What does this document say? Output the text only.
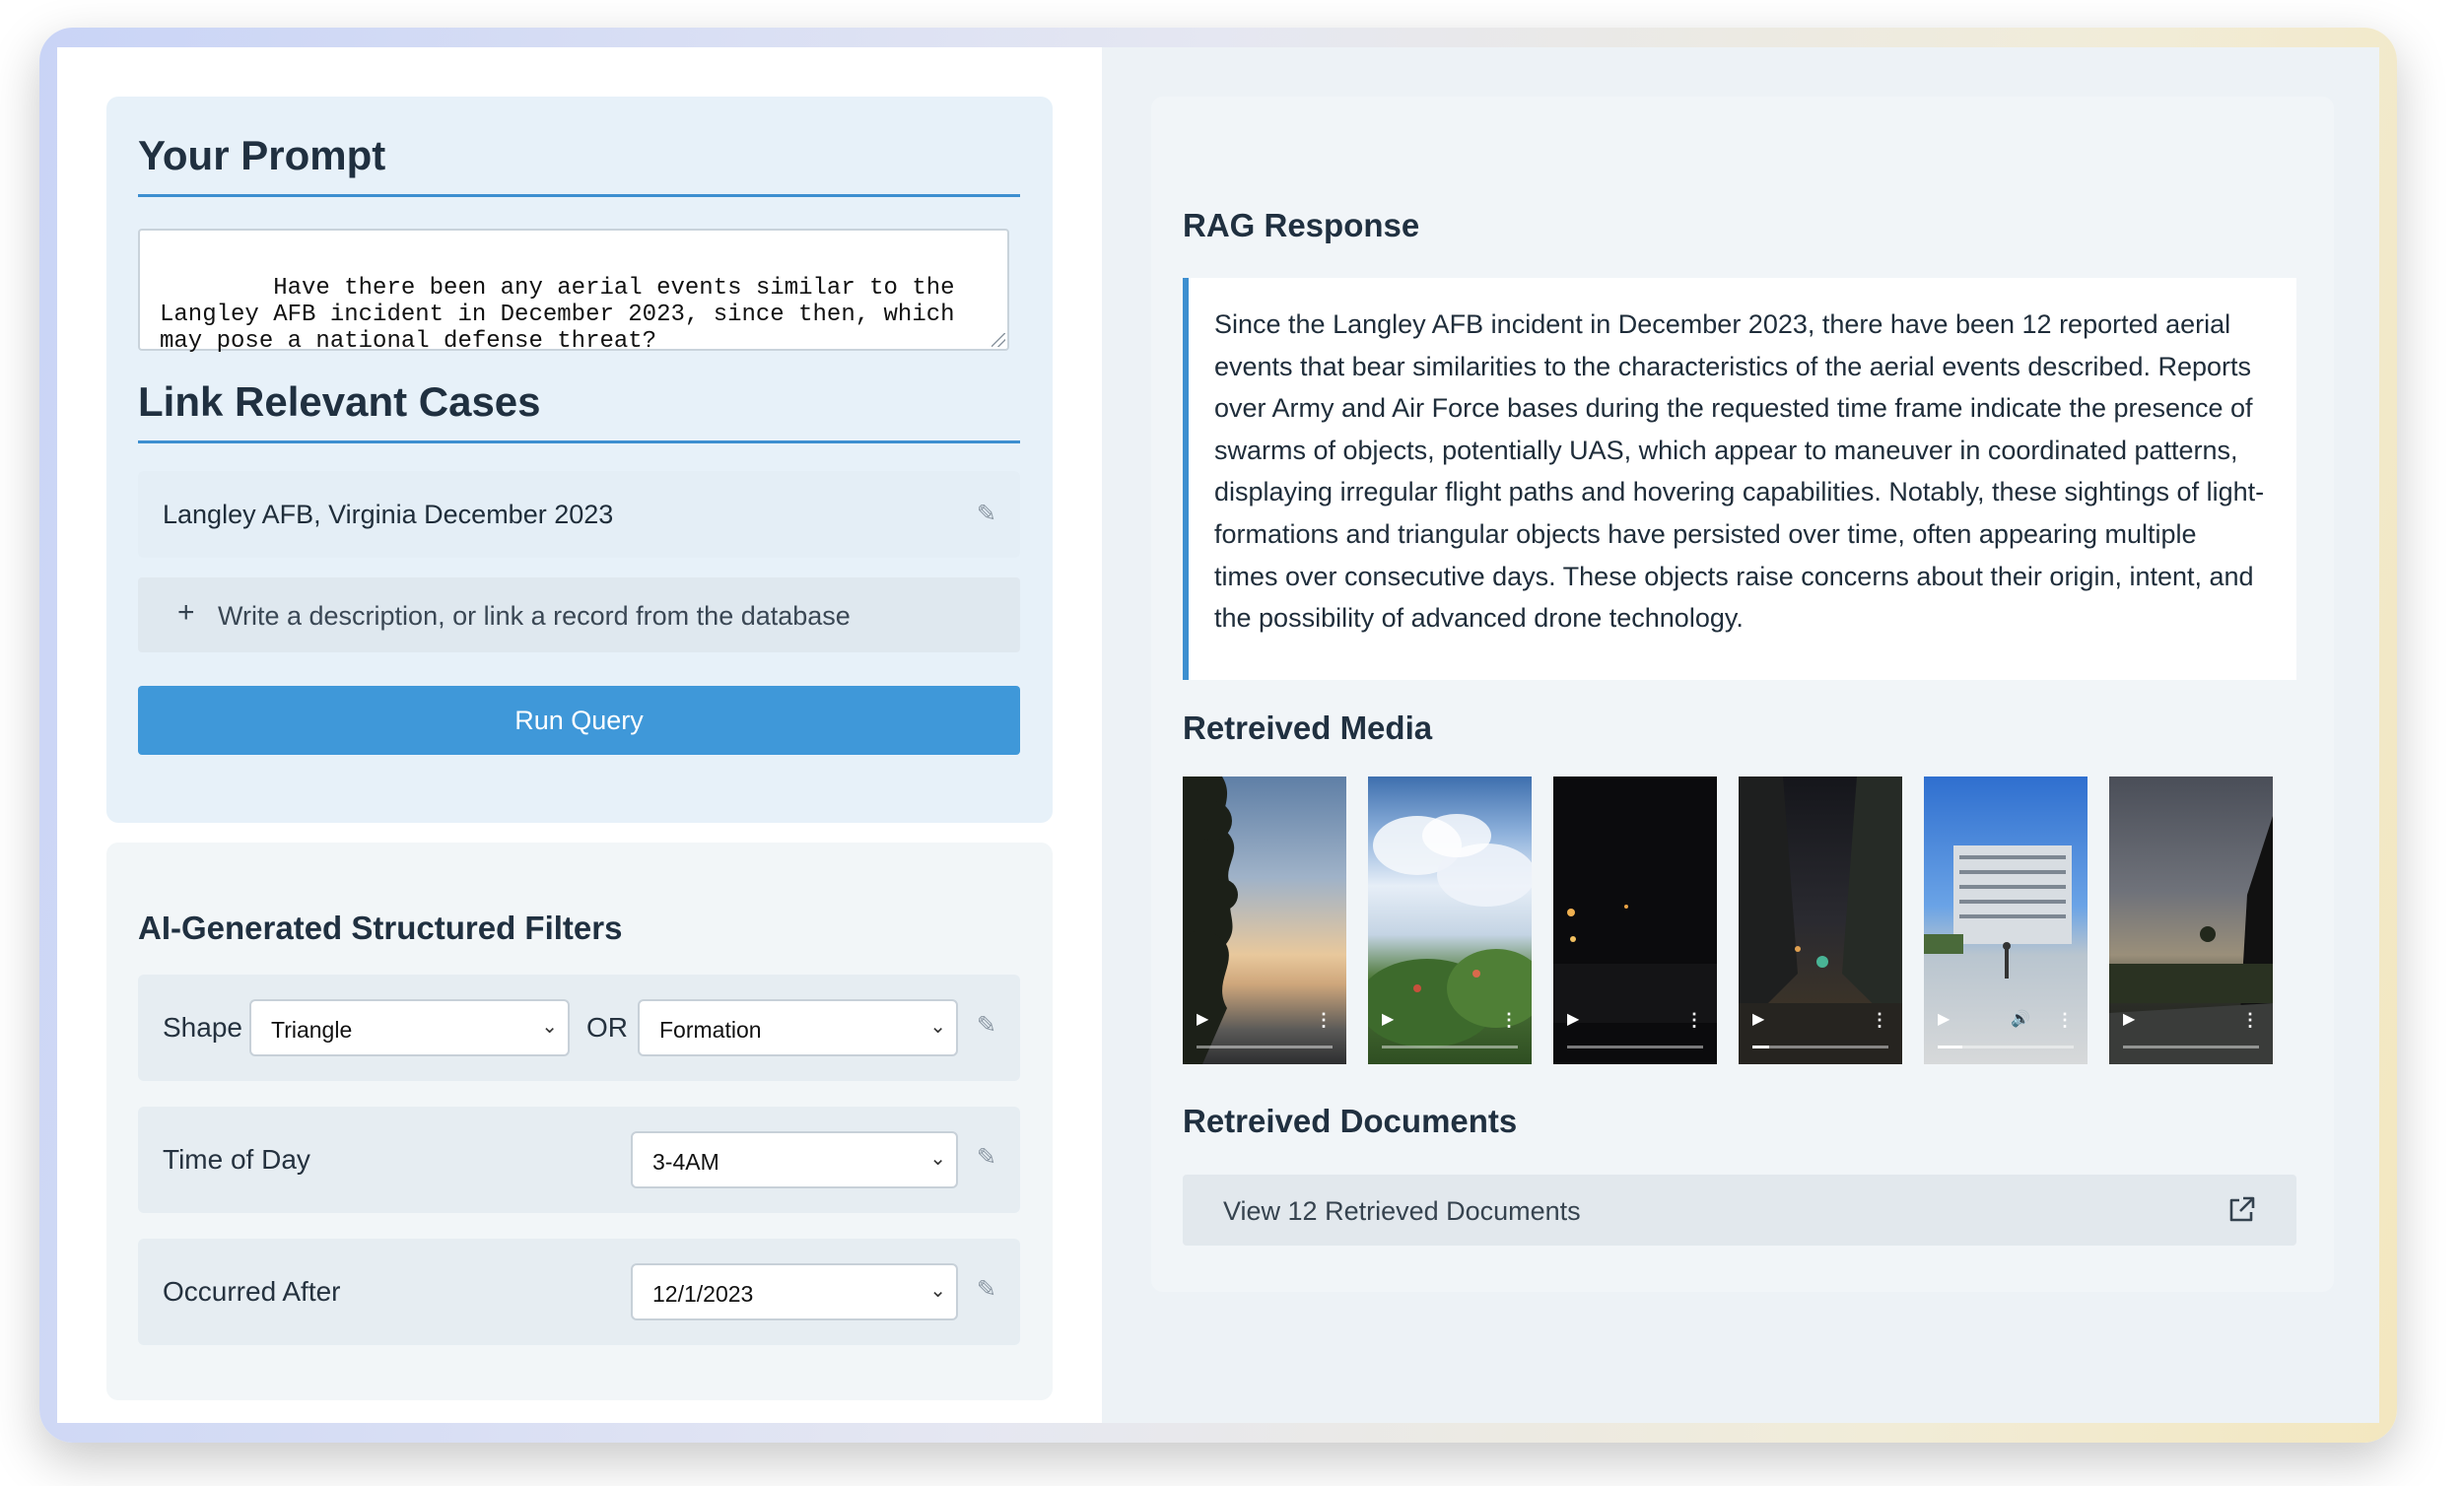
Your Prompt

Have there been any aerial events similar to the Langley AFB incident in December 2023, since then, which may pose a national defense threat?

Link Relevant Cases
Langley AFB, Virginia December 2023	✎
+ Write a description, or link a record from the database
Run Query
AI-Generated Structured Filters
Shape	Triangle	⌄ OR	Formation	⌄ ✎
Time of Day	3-4AM	⌄ ✎
Occurred After	12/1/2023	⌄ ✎
RAG Response
Since the Langley AFB incident in December 2023, there have been 12 reported aerial events that bear similarities to the characteristics of the aerial events described. Reports over Army and Air Force bases during the requested time frame indicate the presence of swarms of objects, potentially UAS, which appear to maneuver in coordinated patterns, displaying irregular flight paths and hovering capabilities. Notably, these sightings of light-formations and triangular objects have persisted over time, often appearing multiple times over consecutive days. These objects raise concerns about their origin, intent, and the possibility of advanced drone technology.
Retreived Media
▶	⋮	▶	⋮	▶	⋮	▶	⋮	▶	🔊 ⋮	▶	⋮
Retreived Documents
View 12 Retrieved Documents
